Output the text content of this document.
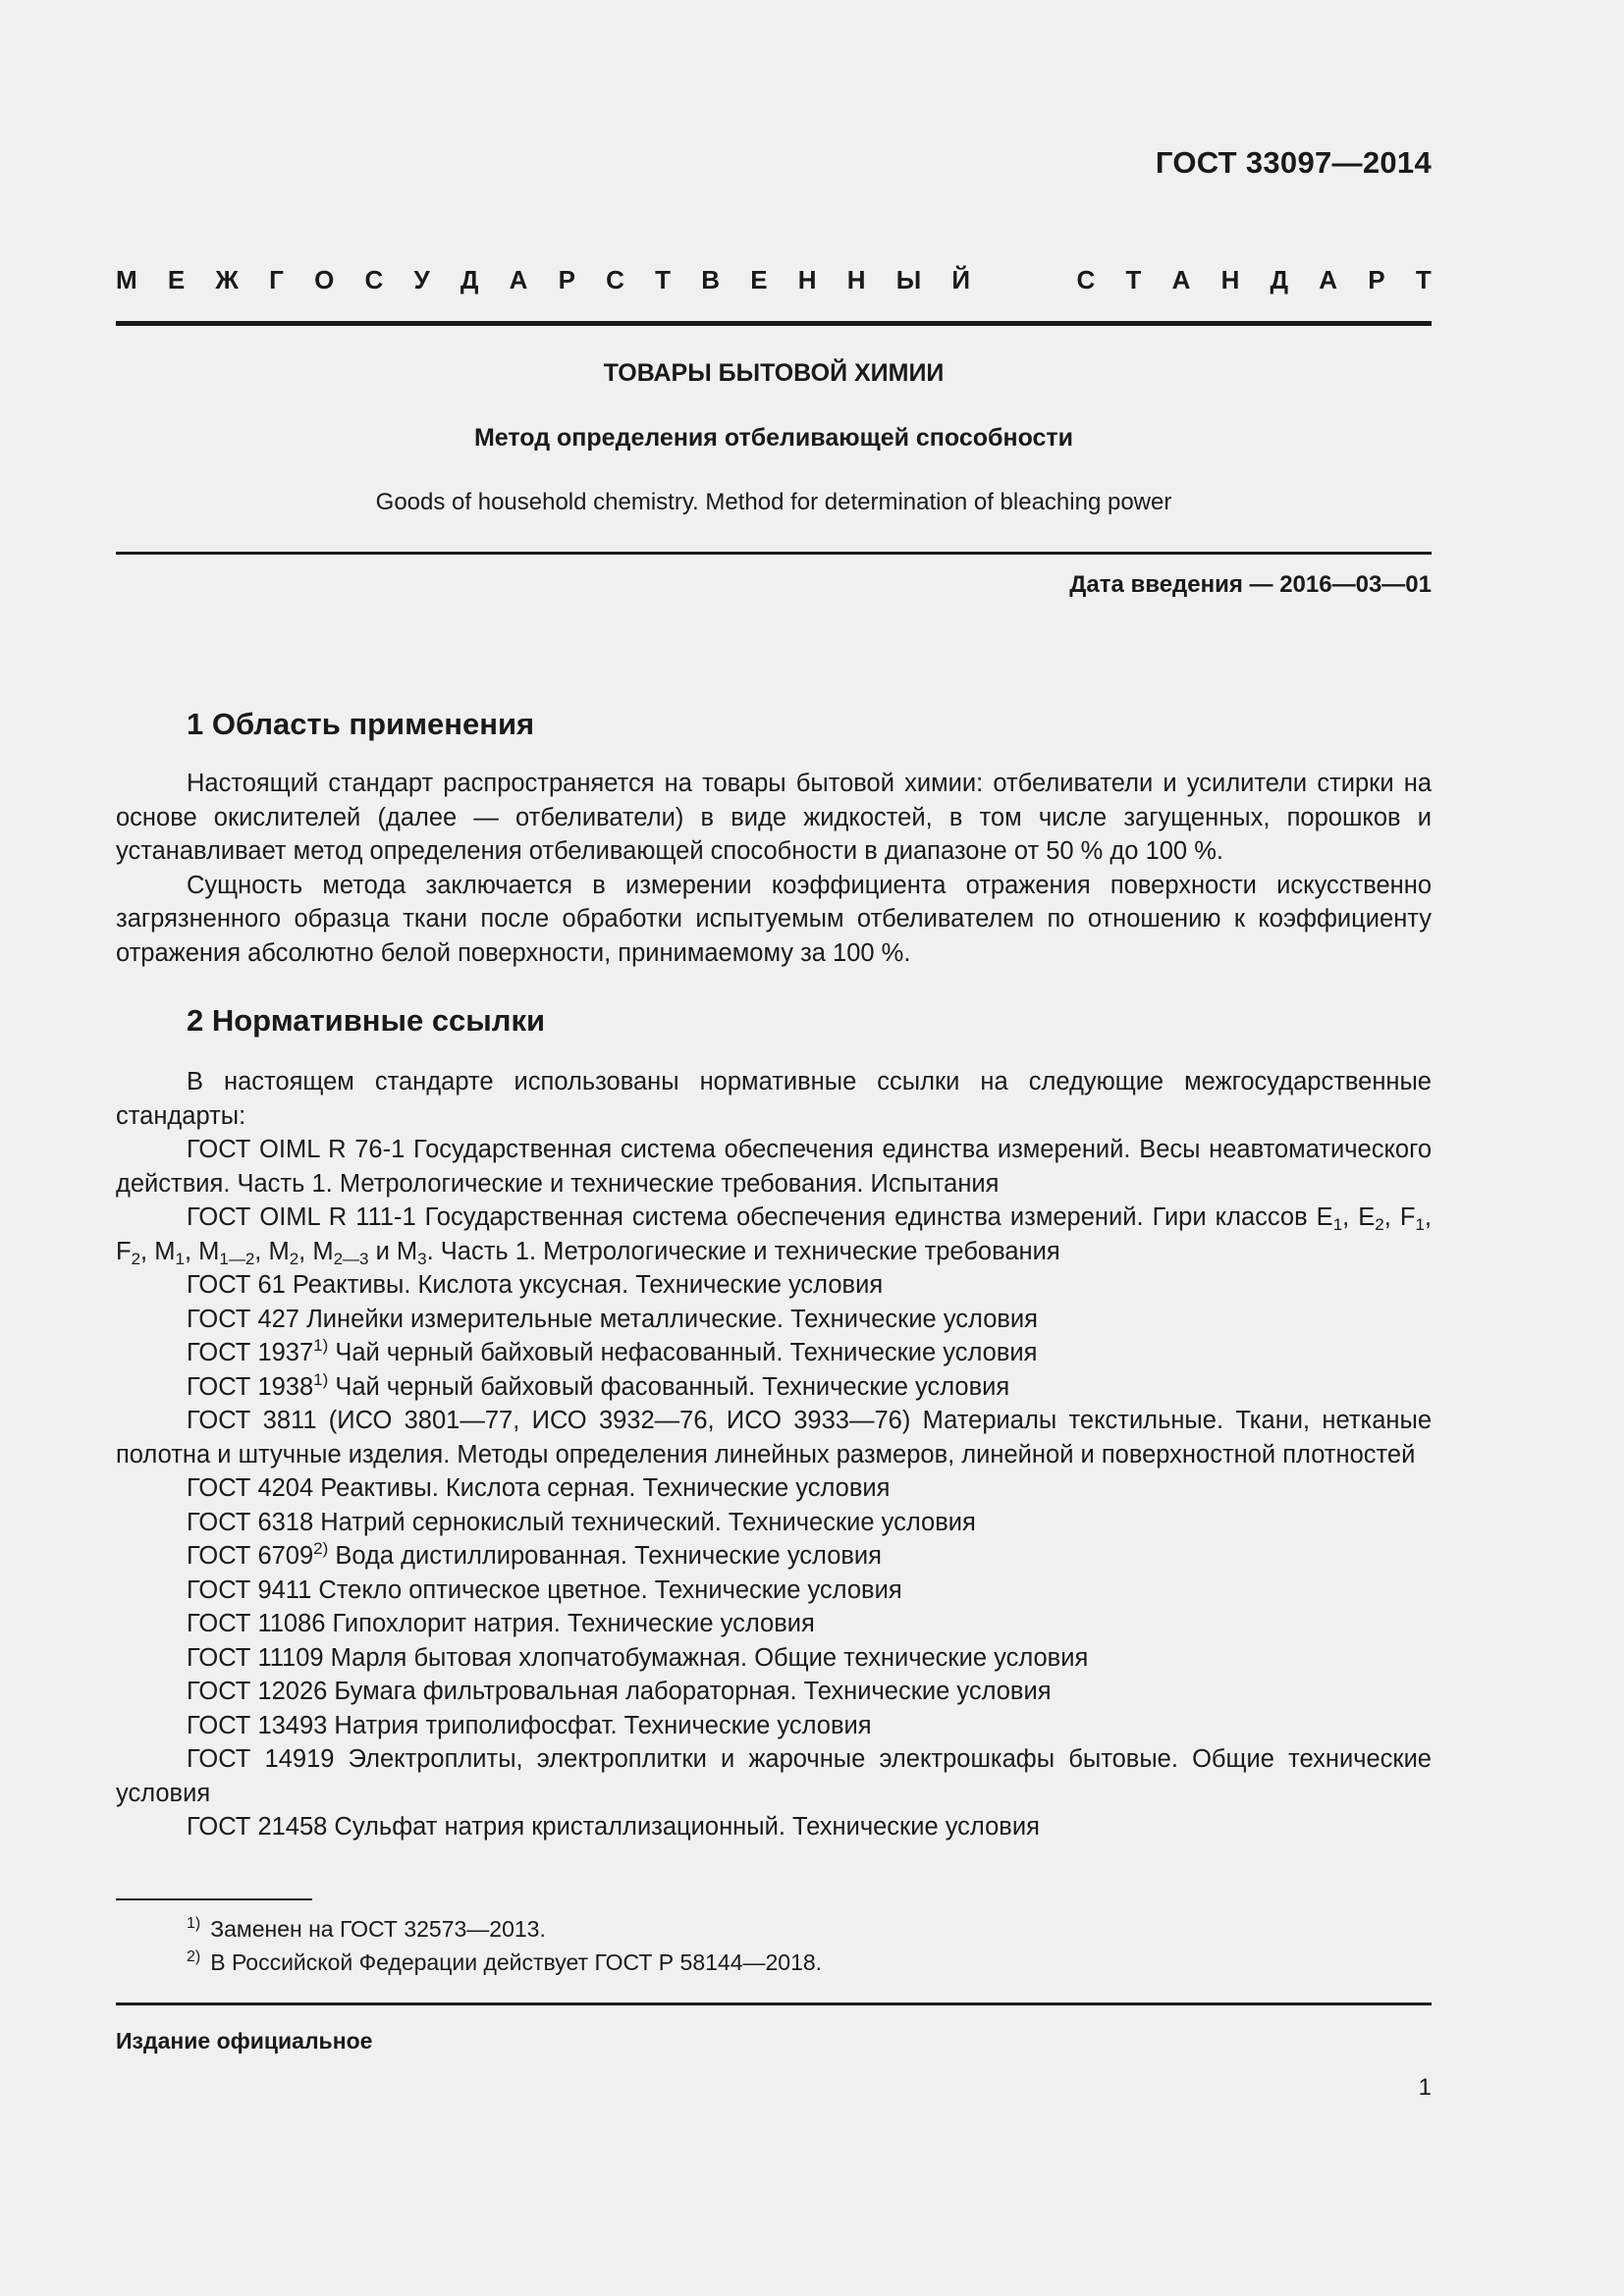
ГОСТ 33097—2014
М Е Ж Г О С У Д А Р С Т В Е Н Н Ы Й	С Т А Н Д А Р Т
ТОВАРЫ БЫТОВОЙ ХИМИИ
Метод определения отбеливающей способности
Goods of household chemistry. Method for determination of bleaching power
Дата введения — 2016—03—01
1 Область применения

Настоящий стандарт распространяется на товары бытовой химии: отбеливатели и усилители стирки на основе окислителей (далее — отбеливатели) в виде жидкостей, в том числе загущенных, порошков и устанавливает метод определения отбеливающей способности в диапазоне от 50 % до 100 %.

Сущность метода заключается в измерении коэффициента отражения поверхности искусственно загрязненного образца ткани после обработки испытуемым отбеливателем по отношению к коэффициенту отражения абсолютно белой поверхности, принимаемому за 100 %.

2 Нормативные ссылки

В настоящем стандарте использованы нормативные ссылки на следующие межгосударственные стандарты:

ГОСТ OIML R 76-1 Государственная система обеспечения единства измерений. Весы неавтоматического действия. Часть 1. Метрологические и технические требования. Испытания

ГОСТ OIML R 111-1 Государственная система обеспечения единства измерений. Гири классов $E_1$, $E_2$, $F_1$, $F_2$, $M_1$, $M_{1—2}$, $M_2$, $M_{2—3}$ и $M_3$. Часть 1. Метрологические и технические требования

ГОСТ 61 Реактивы. Кислота уксусная. Технические условия

ГОСТ 427 Линейки измерительные металлические. Технические условия

ГОСТ 1937$^{1)}$ Чай черный байховый нефасованный. Технические условия

ГОСТ 1938$^{1)}$ Чай черный байховый фасованный. Технические условия

ГОСТ 3811 (ИСО 3801—77, ИСО 3932—76, ИСО 3933—76) Материалы текстильные. Ткани, нетканые полотна и штучные изделия. Методы определения линейных размеров, линейной и поверхностной плотностей

ГОСТ 4204 Реактивы. Кислота серная. Технические условия

ГОСТ 6318 Натрий сернокислый технический. Технические условия

ГОСТ 6709$^{2)}$ Вода дистиллированная. Технические условия

ГОСТ 9411 Стекло оптическое цветное. Технические условия

ГОСТ 11086 Гипохлорит натрия. Технические условия

ГОСТ 11109 Марля бытовая хлопчатобумажная. Общие технические условия

ГОСТ 12026 Бумага фильтровальная лабораторная. Технические условия

ГОСТ 13493 Натрия триполифосфат. Технические условия

ГОСТ 14919 Электроплиты, электроплитки и жарочные электрошкафы бытовые. Общие технические условия

ГОСТ 21458 Сульфат натрия кристаллизационный. Технические условия

$^{1)}$ Заменен на ГОСТ 32573—2013.
$^{2)}$ В Российской Федерации действует ГОСТ Р 58144—2018.
Издание официальное
1
